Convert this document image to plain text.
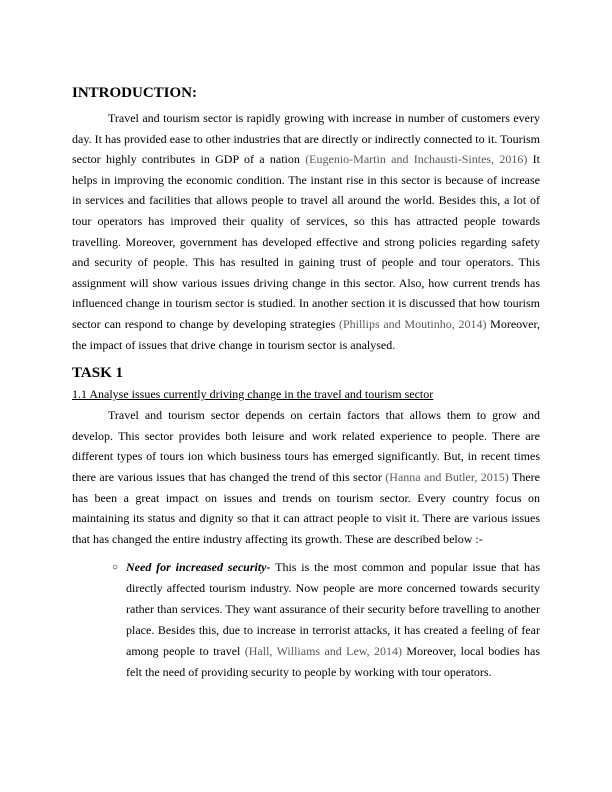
INTRODUCTION:

Travel and tourism sector is rapidly growing with increase in number of customers every day. It has provided ease to other industries that are directly or indirectly connected to it. Tourism sector highly contributes in GDP of a nation (Eugenio-Martin and Inchausti-Sintes, 2016) It helps in improving the economic condition. The instant rise in this sector is because of increase in services and facilities that allows people to travel all around the world. Besides this, a lot of tour operators has improved their quality of services, so this has attracted people towards travelling. Moreover, government has developed effective and strong policies regarding safety and security of people. This has resulted in gaining trust of people and tour operators. This assignment will show various issues driving change in this sector. Also, how current trends has influenced change in tourism sector is studied. In another section it is discussed that how tourism sector can respond to change by developing strategies (Phillips and Moutinho, 2014) Moreover, the impact of issues that drive change in tourism sector is analysed.

TASK 1
1.1 Analyse issues currently driving change in the travel and tourism sector

Travel and tourism sector depends on certain factors that allows them to grow and develop. This sector provides both leisure and work related experience to people. There are different types of tours ion which business tours has emerged significantly. But, in recent times there are various issues that has changed the trend of this sector (Hanna and Butler, 2015) There has been a great impact on issues and trends on tourism sector. Every country focus on maintaining its status and dignity so that it can attract people to visit it. There are various issues that has changed the entire industry affecting its growth. These are described below :-

○ Need for increased security- This is the most common and popular issue that has directly affected tourism industry. Now people are more concerned towards security rather than services. They want assurance of their security before travelling to another place. Besides this, due to increase in terrorist attacks, it has created a feeling of fear among people to travel (Hall, Williams and Lew, 2014) Moreover, local bodies has felt the need of providing security to people by working with tour operators.
